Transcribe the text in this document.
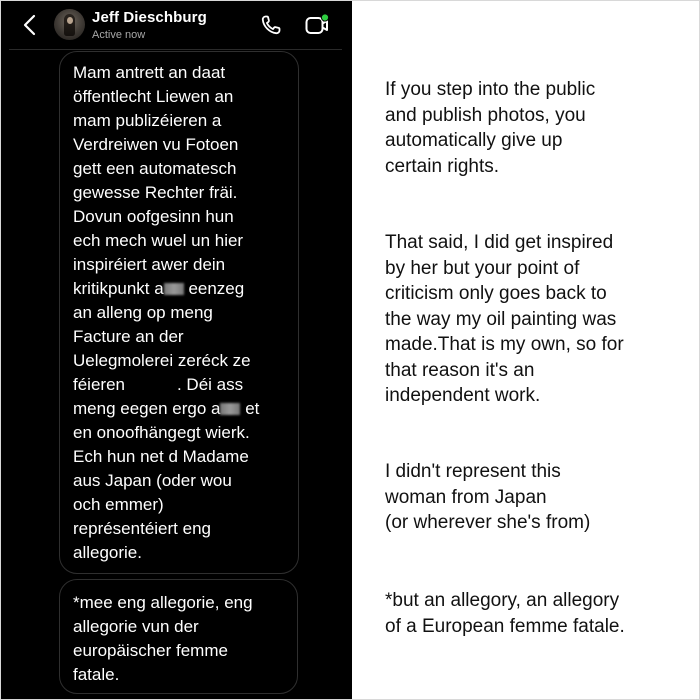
Jeff Dieschburg
Active now
Mam antrett an daat
öffentlecht Liewen an
mam publizéieren a
Verdreiwen vu Fotoen
gett een automatesch
gewesse Rechter fräi.
Dovun oofgesinn hun
ech mech wuel un hier
inspiréiert awer dein
kritikpunkt a eenzeg
an alleng op meng
Facture an der
Uelegmolerei zeréck ze
féieren	. Déi ass
meng eegen ergo a et
en onoofhängegt wierk.
Ech hun net d Madame
aus Japan (oder wou
och emmer)
représentéiert eng
allegorie.
*mee eng allegorie, eng
allegorie vun der
europäischer femme
fatale.
If you step into the public
and publish photos, you
automatically give up
certain rights.
That said, I did get inspired
by her but your point of
criticism only goes back to
the way my oil painting was
made.That is my own, so for
that reason it's an
independent work.
I didn't represent this
woman from Japan
(or wherever she's from)
*but an allegory, an allegory
of a European femme fatale.
